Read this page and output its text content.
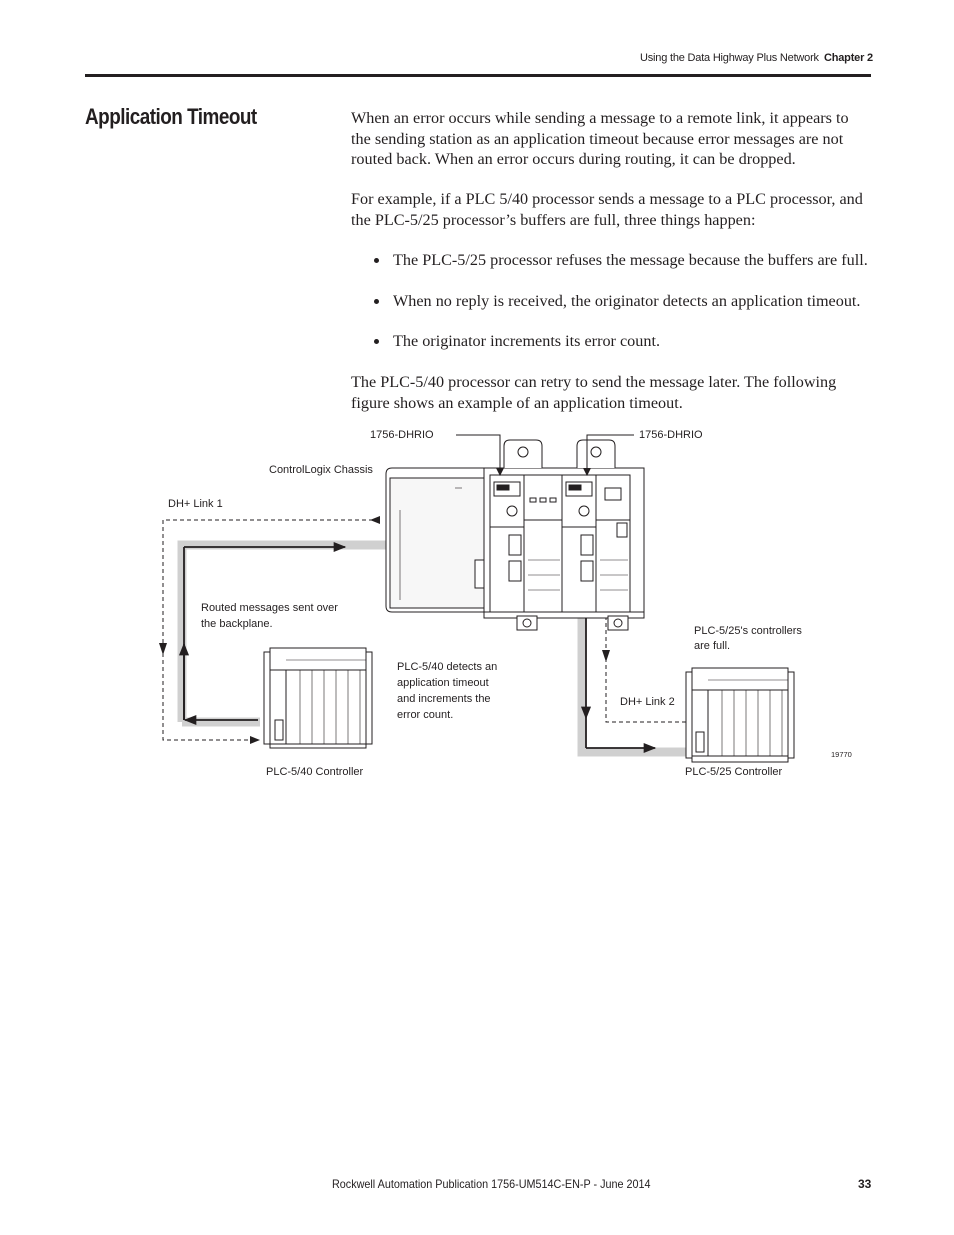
Using the Data Highway Plus Network Chapter 2
Application Timeout	When an error occurs while sending a message to a remote link, it appears to the sending station as an application timeout because error messages are not routed back. When an error occurs during routing, it can be dropped.

For example, if a PLC 5/40 processor sends a message to a PLC processor, and the PLC-5/25 processor’s buffers are full, three things happen:

The PLC-5/25 processor refuses the message because the buffers are full.
When no reply is received, the originator detects an application timeout.
The originator increments its error count.

The PLC-5/40 processor can retry to send the message later. The following figure shows an example of an application timeout.

1756-DHRIO	1756-DHRIO
ControlLogix Chassis
DH+ Link 1
Routed messages sent over
the backplane.
PLC-5/40 detects an
application timeout
and increments the
error count.
PLC-5/25's controllers
are full.
DH+ Link 2
PLC-5/40 Controller	PLC-5/25 Controller
19770
Rockwell Automation Publication 1756-UM514C-EN-P - June 2014	33
